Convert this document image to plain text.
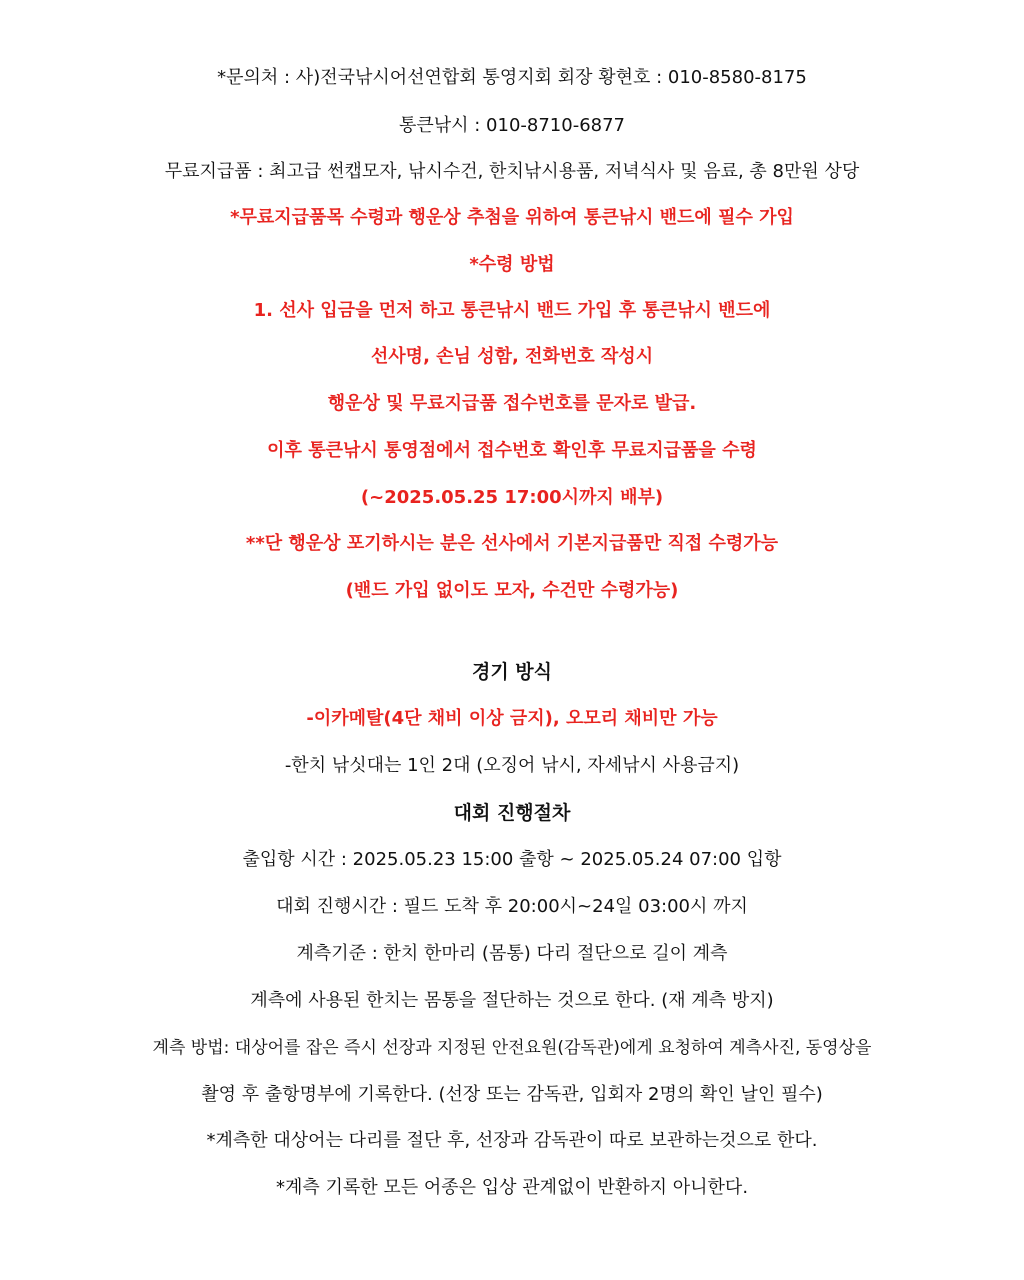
*문의처 : 사)전국낚시어선연합회 통영지회 회장 황현호 : 010-8580-8175
통큰낚시 : 010-8710-6877
무료지급품 : 최고급 썬캡모자, 낚시수건, 한치낚시용품, 저녁식사 및 음료, 총 8만원 상당
*무료지급품목 수령과 행운상 추첨을 위하여 통큰낚시 밴드에 필수 가입
*수령 방법
1. 선사 입금을 먼저 하고 통큰낚시 밴드 가입 후 통큰낚시 밴드에
선사명, 손님 성함, 전화번호 작성시
행운상 및 무료지급품 접수번호를 문자로 발급.
이후 통큰낚시 통영점에서 접수번호 확인후 무료지급품을 수령
(~2025.05.25 17:00시까지 배부)
**단 행운상 포기하시는 분은 선사에서 기본지급품만 직접 수령가능
(밴드 가입 없이도 모자, 수건만 수령가능)
경기 방식
-이카메탈(4단 채비 이상 금지), 오모리 채비만 가능
-한치 낚싯대는 1인 2대 (오징어 낚시, 자세낚시 사용금지)
대회 진행절차
출입항 시간 : 2025.05.23 15:00 출항 ~ 2025.05.24 07:00 입항
대회 진행시간 : 필드 도착 후 20:00시~24일 03:00시 까지
계측기준 : 한치 한마리 (몸통) 다리 절단으로 길이 계측
계측에 사용된 한치는 몸통을 절단하는 것으로 한다. (재 계측 방지)
계측 방법: 대상어를 잡은 즉시 선장과 지정된 안전요원(감독관)에게 요청하여 계측사진, 동영상을
촬영 후 출항명부에 기록한다. (선장 또는 감독관, 입회자 2명의 확인 날인 필수)
*계측한 대상어는 다리를 절단 후, 선장과 감독관이 따로 보관하는것으로 한다.
*계측 기록한 모든 어종은 입상 관계없이 반환하지 아니한다.
